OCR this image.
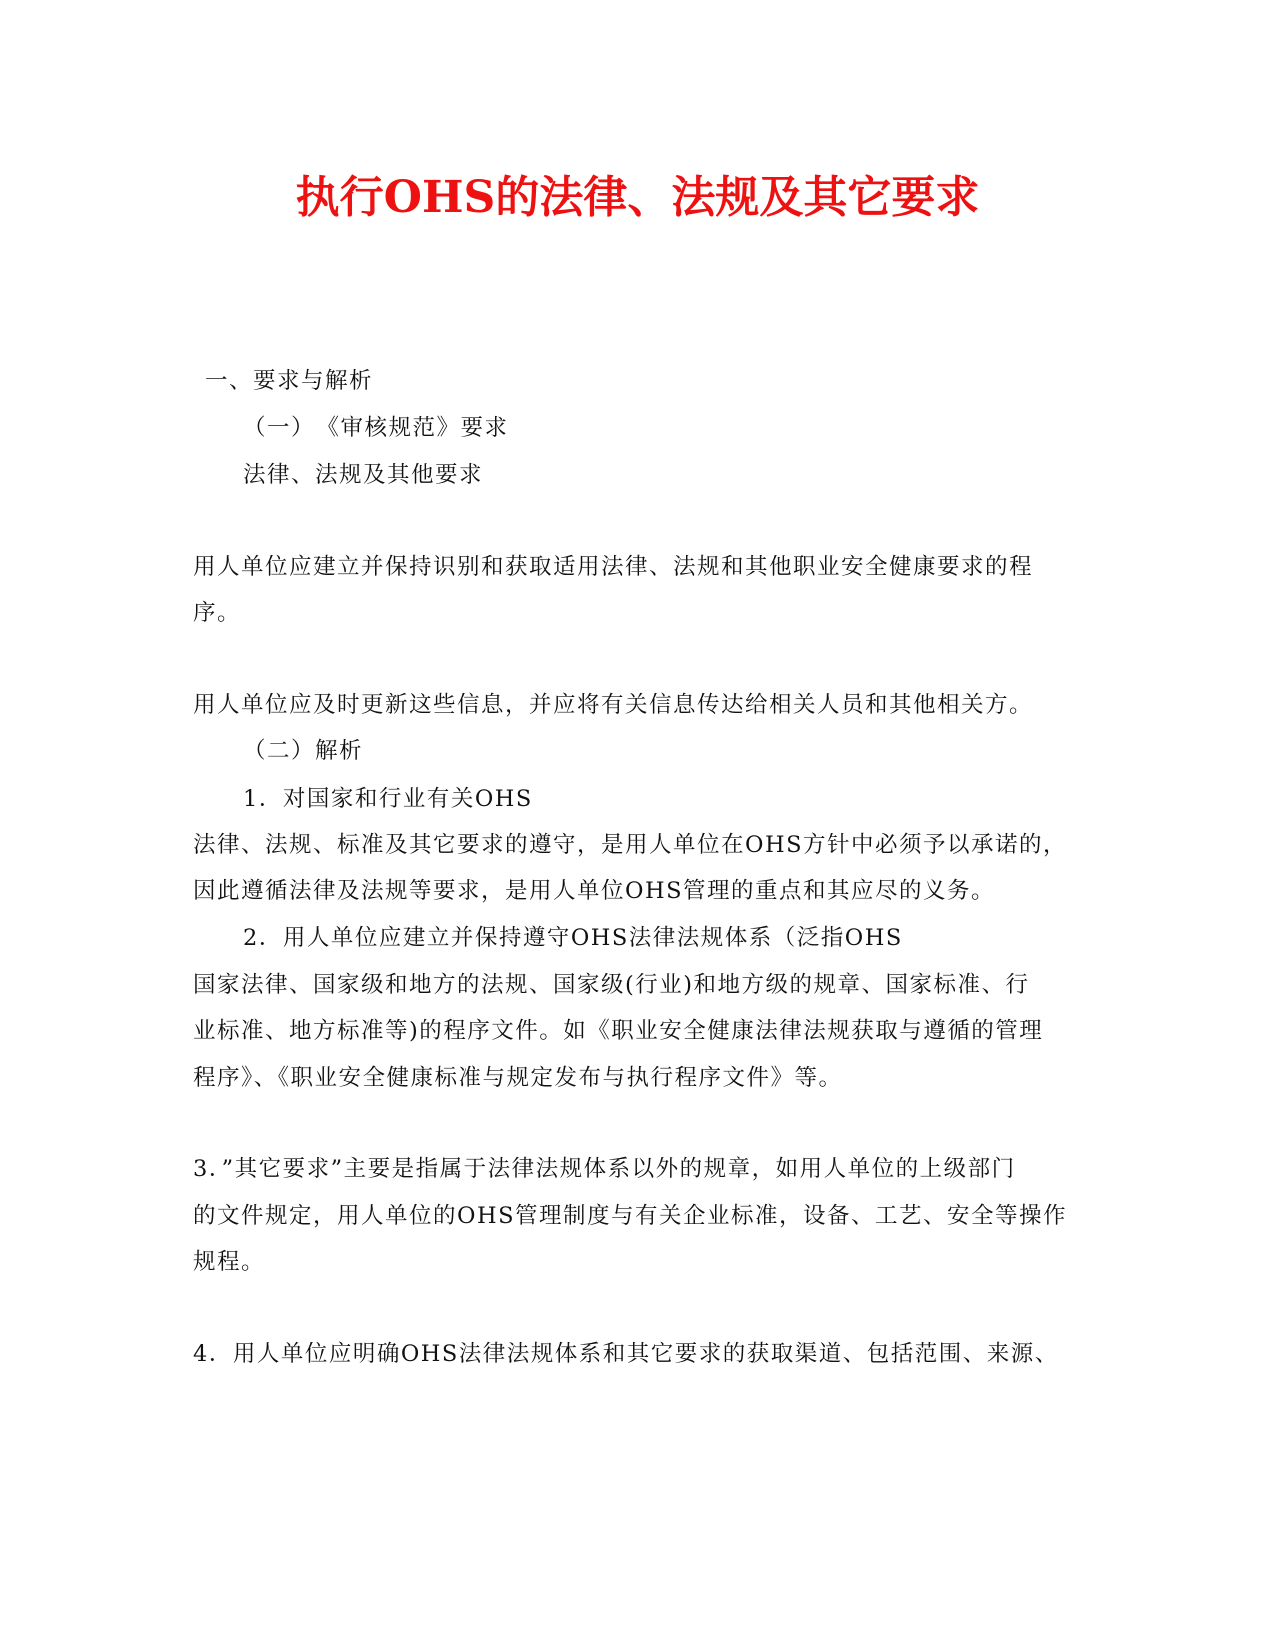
执行OHS的法律、法规及其它要求
一、要求与解析
（一）　《审核规范》要求
法律、法规及其他要求
用人单位应建立并保持识别和获取适用法律、法规和其他职业安全健康要求的程
序。
用人单位应及时更新这些信息，并应将有关信息传达给相关人员和其他相关方。
（二）解析
1．对国家和行业有关OHS
法律、法规、标准及其它要求的遵守，是用人单位在OHS方针中必须予以承诺的，
因此遵循法律及法规等要求，是用人单位OHS管理的重点和其应尽的义务。
2．用人单位应建立并保持遵守OHS法律法规体系（泛指OHS
国家法律、国家级和地方的法规、国家级(行业)和地方级的规章、国家标准、行
业标准、地方标准等)的程序文件。如《职业安全健康法律法规获取与遵循的管理
程序》、《职业安全健康标准与规定发布与执行程序文件》等。
3．”其它要求”主要是指属于法律法规体系以外的规章，如用人单位的上级部门
的文件规定，用人单位的OHS管理制度与有关企业标准，设备、工艺、安全等操作
规程。
4．用人单位应明确OHS法律法规体系和其它要求的获取渠道、包括范围、来源、
